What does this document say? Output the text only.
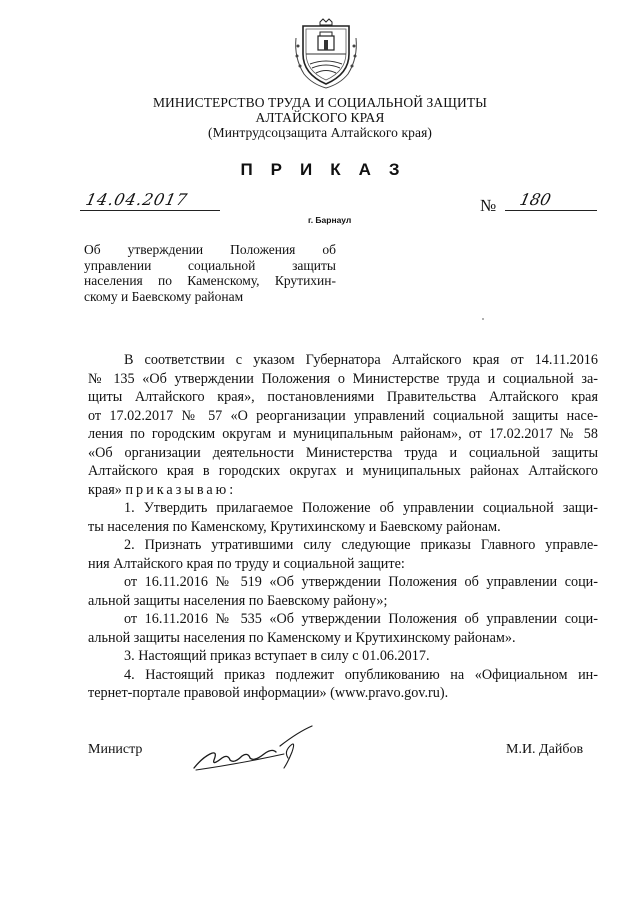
МИНИСТЕРСТВО ТРУДА И СОЦИАЛЬНОЙ ЗАЩИТЫ
АЛТАЙСКОГО КРАЯ
(Минтрудсоцзащита Алтайского края)
ПРИКАЗ
14.04.2017	№ 180
г. Барнаул
Об утверждении Положения об
управлении социальной защиты
населения по Каменскому, Крутихин-
скому и Баевскому районам
В соответствии с указом Губернатора Алтайского края от 14.11.2016
№ 135 «Об утверждении Положения о Министерстве труда и социальной за-
щиты Алтайского края», постановлениями Правительства Алтайского края
от 17.02.2017 № 57 «О реорганизации управлений социальной защиты насе-
ления по городским округам и муниципальным районам», от 17.02.2017 № 58
«Об организации деятельности Министерства труда и социальной защиты
Алтайского края в городских округах и муниципальных районах Алтайского
края» приказываю:
1. Утвердить прилагаемое Положение об управлении социальной защи-
ты населения по Каменскому, Крутихинскому и Баевскому районам.
2. Признать утратившими силу следующие приказы Главного управле-
ния Алтайского края по труду и социальной защите:
от 16.11.2016 № 519 «Об утверждении Положения об управлении соци-
альной защиты населения по Баевскому району»;
от 16.11.2016 № 535 «Об утверждении Положения об управлении соци-
альной защиты населения по Каменскому и Крутихинскому районам».
3. Настоящий приказ вступает в силу с 01.06.2017.
4. Настоящий приказ подлежит опубликованию на «Официальном ин-
тернет-портале правовой информации» (www.pravo.gov.ru).
Министр	М.И. Дайбов
